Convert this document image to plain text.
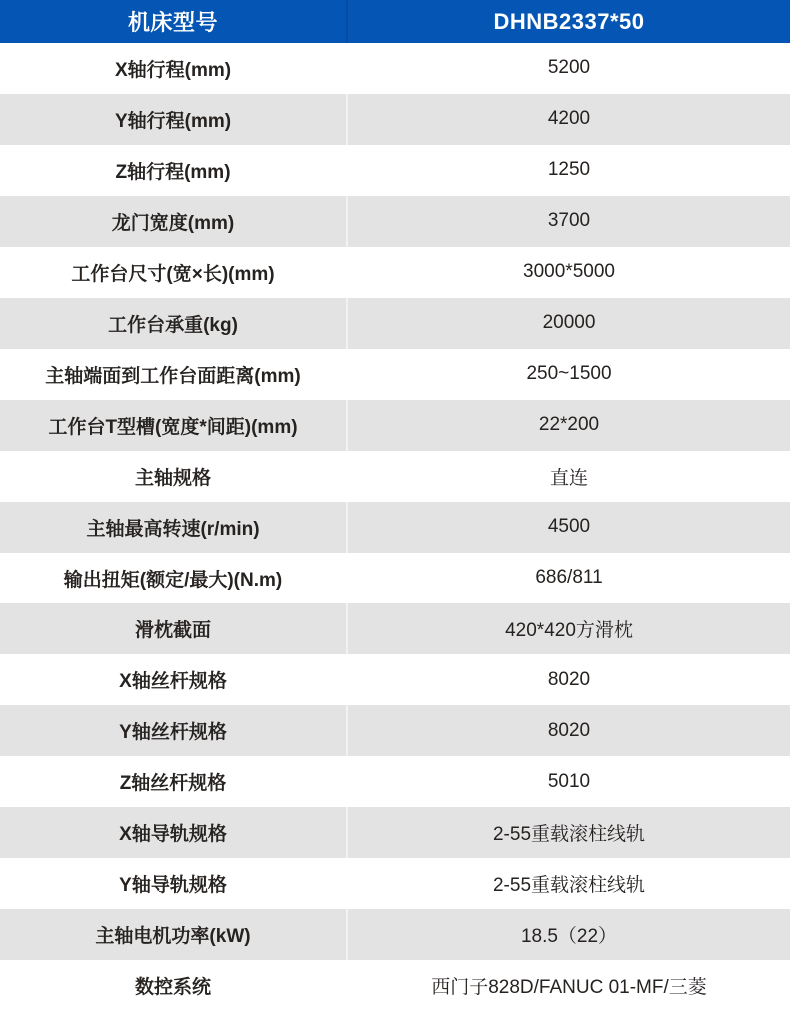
机床型号	DHNB2337*50
X轴行程(mm)	5200
Y轴行程(mm)	4200
Z轴行程(mm)	1250
龙门宽度(mm)	3700
工作台尺寸(宽×长)(mm)	3000*5000
工作台承重(kg)	20000
主轴端面到工作台面距离(mm)	250~1500
工作台T型槽(宽度*间距)(mm)	22*200
主轴规格	直连
主轴最高转速(r/min)	4500
输出扭矩(额定/最大)(N.m)	686/811
滑枕截面	420*420方滑枕
X轴丝杆规格	8020
Y轴丝杆规格	8020
Z轴丝杆规格	5010
X轴导轨规格	2-55重载滚柱线轨
Y轴导轨规格	2-55重载滚柱线轨
主轴电机功率(kW)	18.5（22）
数控系统	西门子828D/FANUC 01-MF/三菱
